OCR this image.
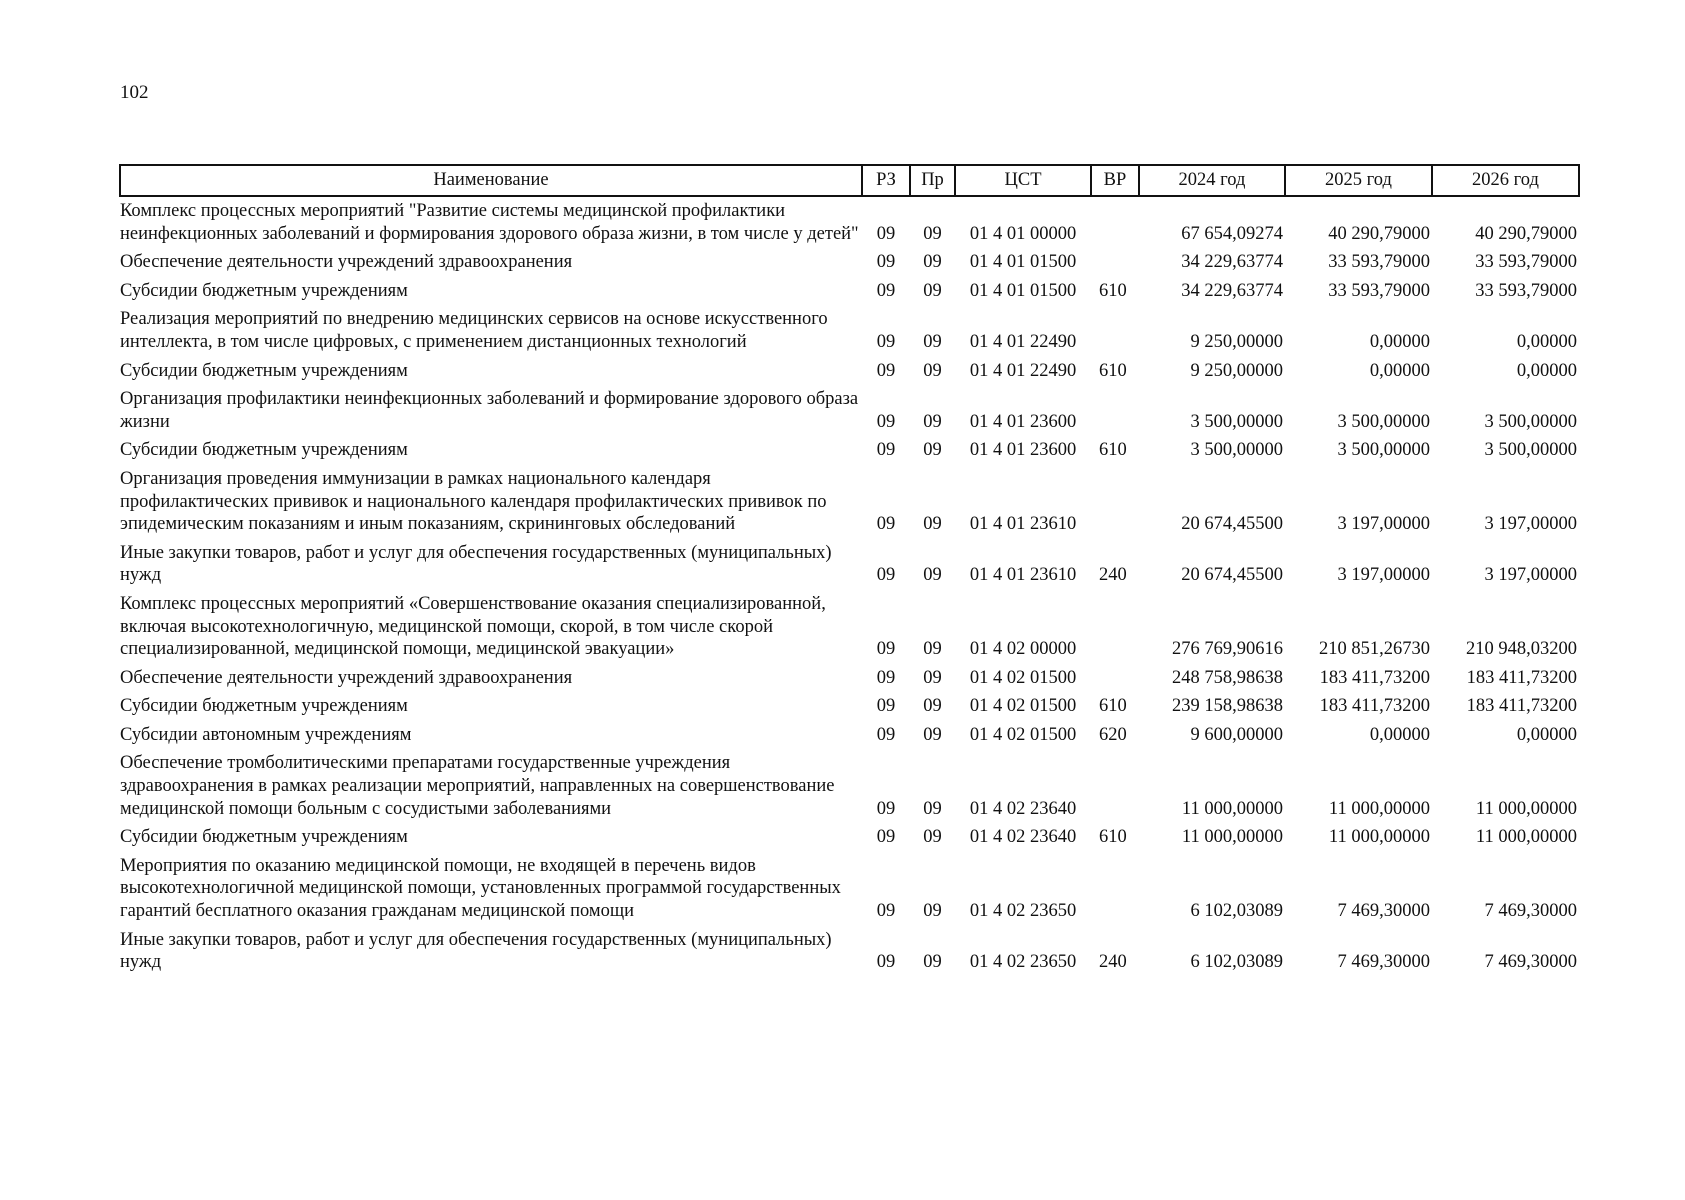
102
Наименование	РЗ	Пр	ЦСТ	ВР	2024 год	2025 год	2026 год
Комплекс процессных мероприятий "Развитие системы медицинской профилактики неинфекционных заболеваний и формирования здорового образа жизни, в том числе у детей"	09	09	01 4 01 00000		67 654,09274	40 290,79000	40 290,79000
Обеспечение деятельности учреждений здравоохранения	09	09	01 4 01 01500		34 229,63774	33 593,79000	33 593,79000
Субсидии бюджетным учреждениям	09	09	01 4 01 01500	610	34 229,63774	33 593,79000	33 593,79000
Реализация мероприятий по внедрению медицинских сервисов на основе искусственного интеллекта, в том числе цифровых, с применением дистанционных технологий	09	09	01 4 01 22490		9 250,00000	0,00000	0,00000
Субсидии бюджетным учреждениям	09	09	01 4 01 22490	610	9 250,00000	0,00000	0,00000
Организация профилактики неинфекционных заболеваний и формирование здорового образа жизни	09	09	01 4 01 23600		3 500,00000	3 500,00000	3 500,00000
Субсидии бюджетным учреждениям	09	09	01 4 01 23600	610	3 500,00000	3 500,00000	3 500,00000
Организация проведения иммунизации в рамках национального календаря профилактических прививок и национального календаря профилактических прививок по эпидемическим показаниям и иным показаниям, скрининговых обследований	09	09	01 4 01 23610		20 674,45500	3 197,00000	3 197,00000
Иные закупки товаров, работ и услуг для обеспечения государственных (муниципальных) нужд	09	09	01 4 01 23610	240	20 674,45500	3 197,00000	3 197,00000
Комплекс процессных мероприятий «Совершенствование оказания специализированной, включая высокотехнологичную, медицинской помощи, скорой, в том числе скорой специализированной, медицинской помощи, медицинской эвакуации»	09	09	01 4 02 00000		276 769,90616	210 851,26730	210 948,03200
Обеспечение деятельности учреждений здравоохранения	09	09	01 4 02 01500		248 758,98638	183 411,73200	183 411,73200
Субсидии бюджетным учреждениям	09	09	01 4 02 01500	610	239 158,98638	183 411,73200	183 411,73200
Субсидии автономным учреждениям	09	09	01 4 02 01500	620	9 600,00000	0,00000	0,00000
Обеспечение тромболитическими препаратами государственные учреждения здравоохранения в рамках реализации мероприятий, направленных на совершенствование медицинской помощи больным с сосудистыми заболеваниями	09	09	01 4 02 23640		11 000,00000	11 000,00000	11 000,00000
Субсидии бюджетным учреждениям	09	09	01 4 02 23640	610	11 000,00000	11 000,00000	11 000,00000
Мероприятия по оказанию медицинской помощи, не входящей в перечень видов высокотехнологичной медицинской помощи, установленных программой государственных гарантий бесплатного оказания гражданам медицинской помощи	09	09	01 4 02 23650		6 102,03089	7 469,30000	7 469,30000
Иные закупки товаров, работ и услуг для обеспечения государственных (муниципальных) нужд	09	09	01 4 02 23650	240	6 102,03089	7 469,30000	7 469,30000
